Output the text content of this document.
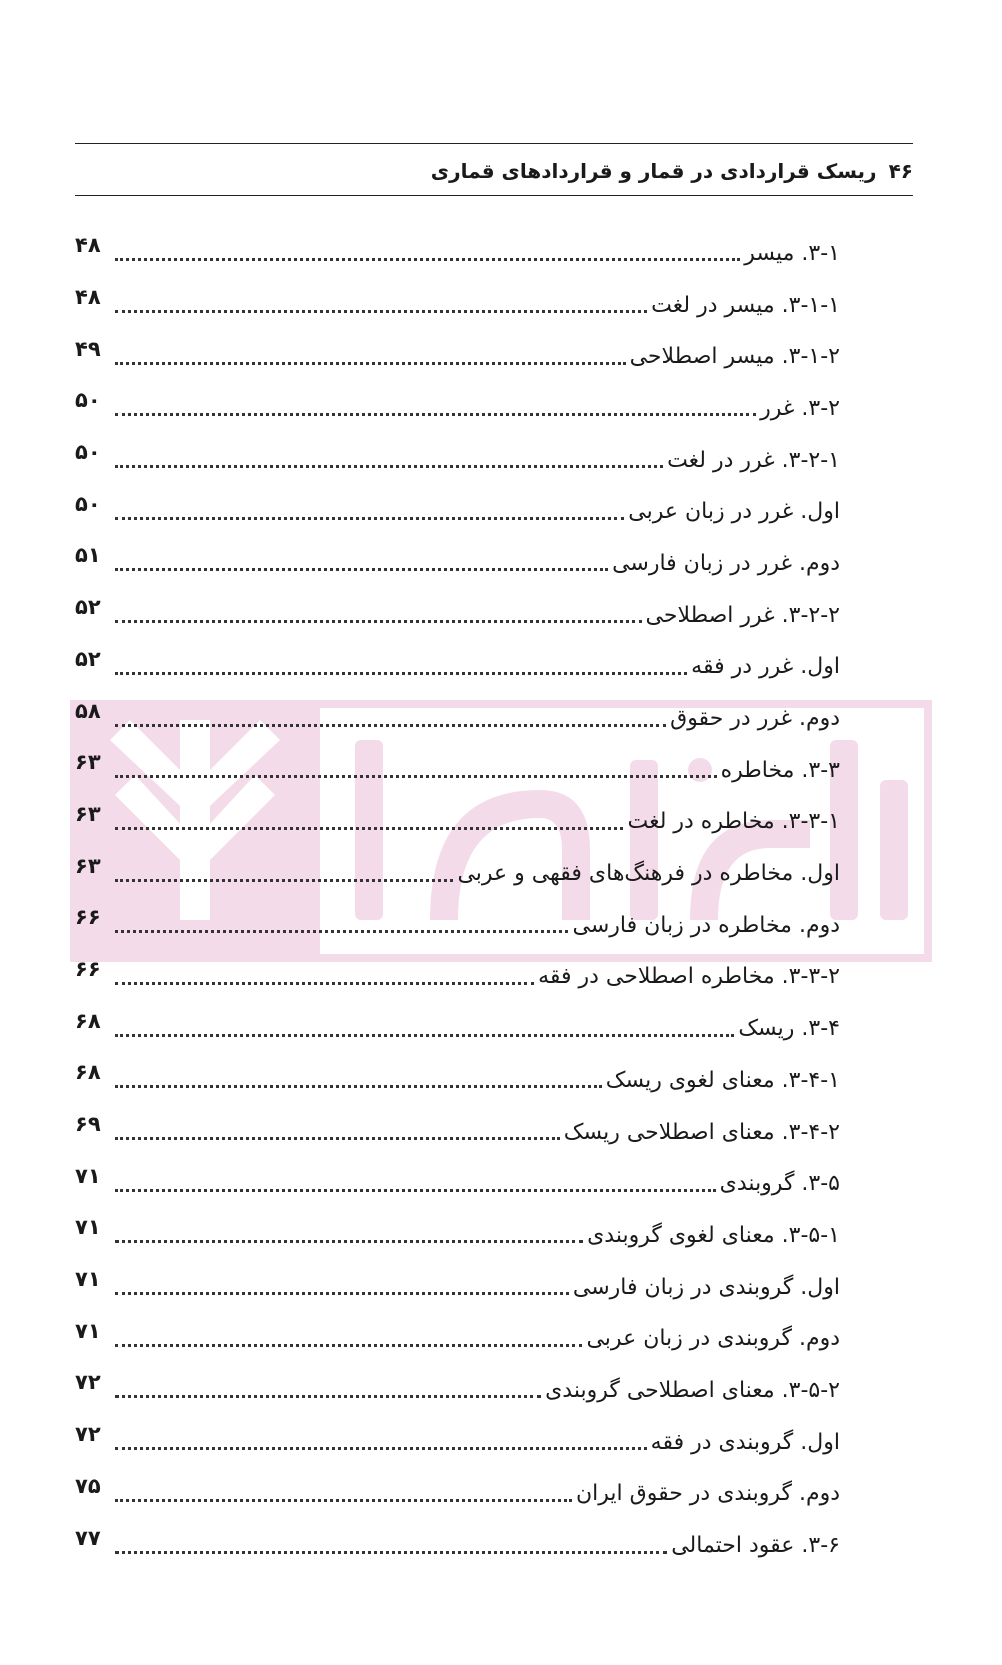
۴۶
ریسک قراردادی در قمار و قراردادهای قماری
۳-۱. میسر
۴۸
۳-۱-۱. میسر در لغت
۴۸
۳-۱-۲. میسر اصطلاحی
۴۹
۳-۲. غرر
۵۰
۳-۲-۱. غرر در لغت
۵۰
اول. غرر در زبان عربی
۵۰
دوم. غرر در زبان فارسی
۵۱
۳-۲-۲. غرر اصطلاحی
۵۲
اول. غرر در فقه
۵۲
دوم. غرر در حقوق
۵۸
۳-۳. مخاطره
۶۳
۳-۳-۱. مخاطره در لغت
۶۳
اول. مخاطره در فرهنگ‌های فقهی و عربی
۶۳
دوم. مخاطره در زبان فارسی
۶۶
۳-۳-۲. مخاطره اصطلاحی در فقه
۶۶
۳-۴. ریسک
۶۸
۳-۴-۱. معنای لغوی ریسک
۶۸
۳-۴-۲. معنای اصطلاحی ریسک
۶۹
۳-۵. گروبندی
۷۱
۳-۵-۱. معنای لغوی گروبندی
۷۱
اول. گروبندی در زبان فارسی
۷۱
دوم. گروبندی در زبان عربی
۷۱
۳-۵-۲. معنای اصطلاحی گروبندی
۷۲
اول. گروبندی در فقه
۷۲
دوم. گروبندی در حقوق ایران
۷۵
۳-۶. عقود احتمالی
۷۷
